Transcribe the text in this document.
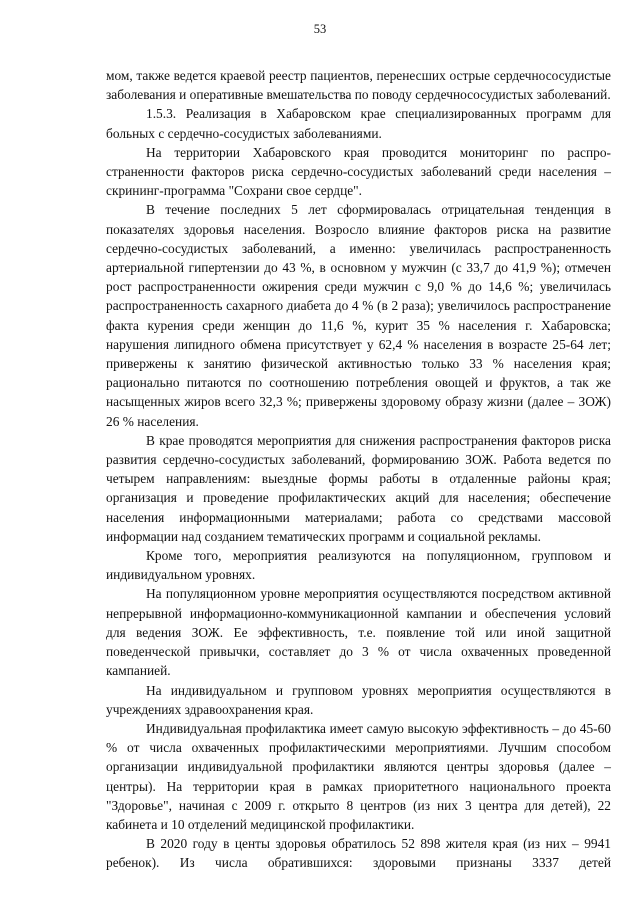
53

мом, также ведется краевой реестр пациентов, перенесших острые сердечнососудистые заболевания и оперативные вмешательства по поводу сердечнососудистых заболеваний.

1.5.3. Реализация в Хабаровском крае специализированных программ для больных с сердечно-сосудистых заболеваниями.

На территории Хабаровского края проводится мониторинг по распространенности факторов риска сердечно-сосудистых заболеваний среди населения – скрининг-программа "Сохрани свое сердце".

В течение последних 5 лет сформировалась отрицательная тенденция в показателях здоровья населения. Возросло влияние факторов риска на развитие сердечно-сосудистых заболеваний, а именно: увеличилась распространенность артериальной гипертензии до 43 %, в основном у мужчин (с 33,7 до 41,9 %); отмечен рост распространенности ожирения среди мужчин с 9,0 % до 14,6 %; увеличилась распространенность сахарного диабета до 4 % (в 2 раза); увеличилось распространение факта курения среди женщин до 11,6 %, курит 35 % населения г. Хабаровска; нарушения липидного обмена присутствует у 62,4 % населения в возрасте 25-64 лет; привержены к занятию физической активностью только 33 % населения края; рационально питаются по соотношению потребления овощей и фруктов, а так же насыщенных жиров всего 32,3 %; привержены здоровому образу жизни (далее – ЗОЖ) 26 % населения.

В крае проводятся мероприятия для снижения распространения факторов риска развития сердечно-сосудистых заболеваний, формированию ЗОЖ. Работа ведется по четырем направлениям: выездные формы работы в отдаленные районы края; организация и проведение профилактических акций для населения; обеспечение населения информационными материалами; работа со средствами массовой информации над созданием тематических программ и социальной рекламы.

Кроме того, мероприятия реализуются на популяционном, групповом и индивидуальном уровнях.

На популяционном уровне мероприятия осуществляются посредством активной непрерывной информационно-коммуникационной кампании и обеспечения условий для ведения ЗОЖ. Ее эффективность, т.е. появление той или иной защитной поведенческой привычки, составляет до 3 % от числа охваченных проведенной кампанией.

На индивидуальном и групповом уровнях мероприятия осуществляются в учреждениях здравоохранения края.

Индивидуальная профилактика имеет самую высокую эффективность – до 45-60 % от числа охваченных профилактическими мероприятиями. Лучшим способом организации индивидуальной профилактики являются центры здоровья (далее – центры). На территории края в рамках приоритетного национального проекта "Здоровье", начиная с 2009 г. открыто 8 центров (из них 3 центра для детей), 22 кабинета и 10 отделений медицинской профилактики.

В 2020 году в центы здоровья обратилось 52 898 жителя края (из них – 9941 ребенок). Из числа обратившихся: здоровыми признаны 3337 детей
